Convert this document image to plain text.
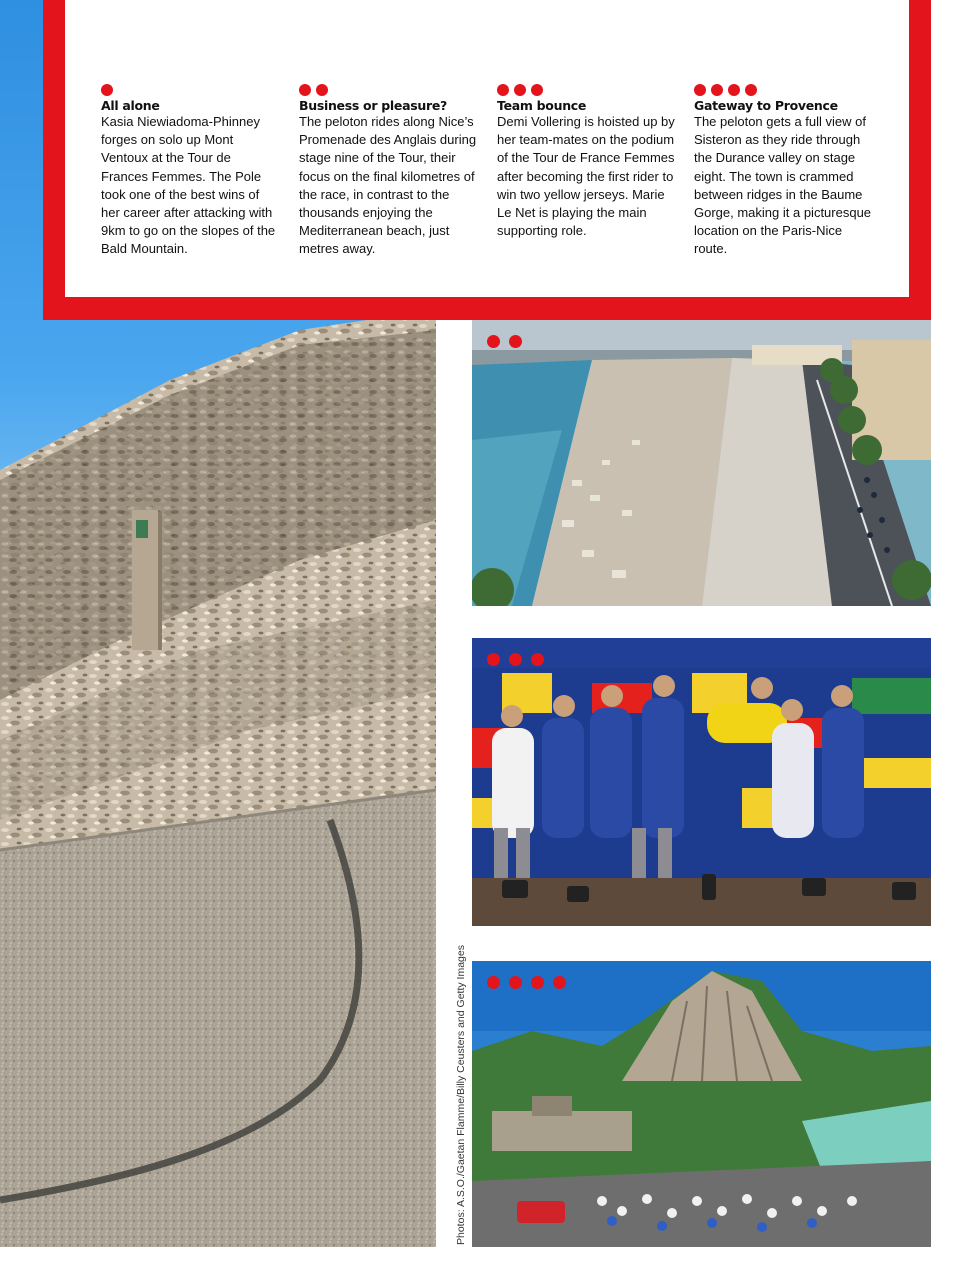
All alone
Kasia Niewiadoma-Phinney forges on solo up Mont Ventoux at the Tour de Frances Femmes. The Pole took one of the best wins of her career after attacking with 9km to go on the slopes of the Bald Mountain.
Business or pleasure?
The peloton rides along Nice’s Promenade des Anglais during stage nine of the Tour, their focus on the final kilometres of the race, in contrast to the thousands enjoying the Mediterranean beach, just metres away.
Team bounce
Demi Vollering is hoisted up by her team-mates on the podium of the Tour de France Femmes after becoming the first rider to win two yellow jerseys. Marie Le Net is playing the main supporting role.
Gateway to Provence
The peloton gets a full view of Sisteron as they ride through the Durance valley on stage eight. The town is crammed between ridges in the Baume Gorge, making it a picturesque location on the Paris-Nice route.
Photos: A.S.O./Gaetan Flamme/Billy Ceusters and Getty Images
